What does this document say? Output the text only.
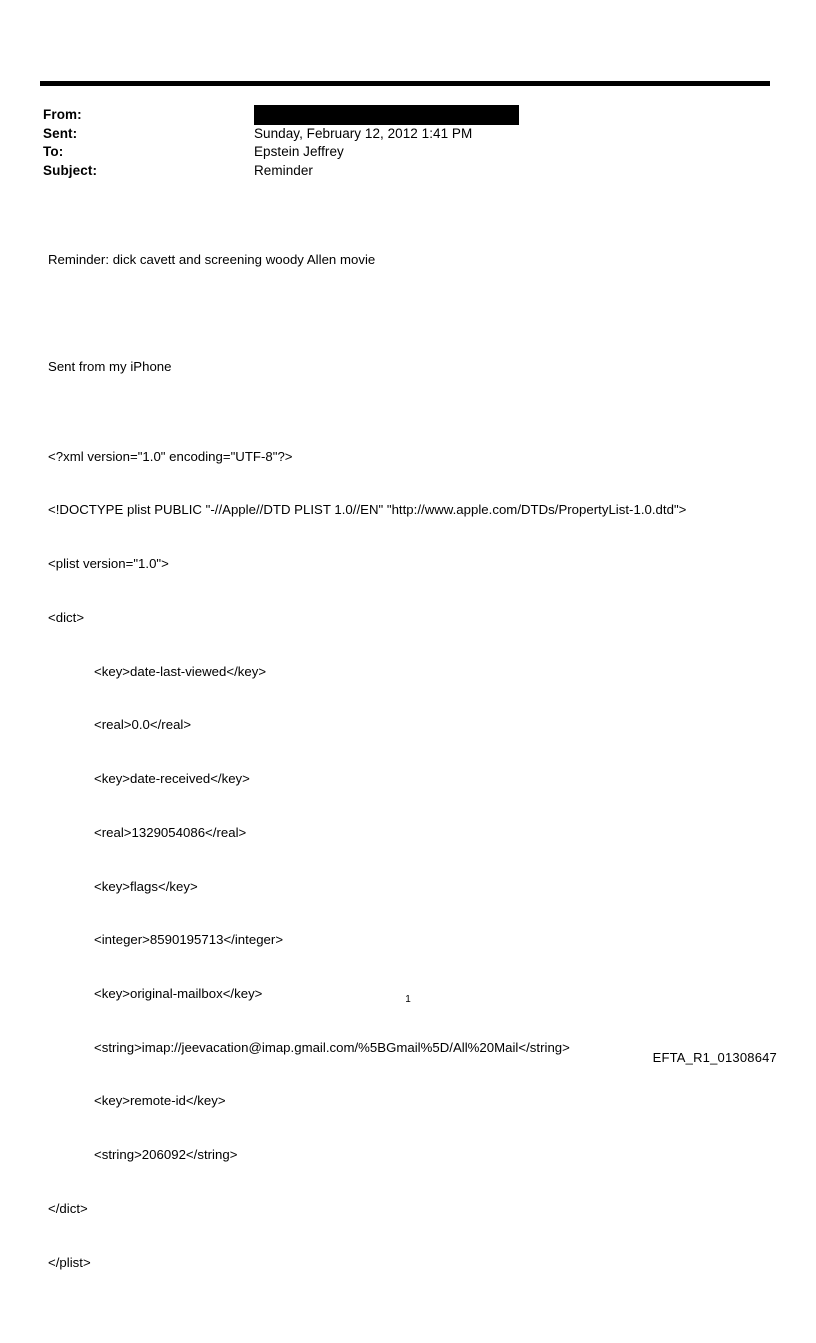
From:
Sent:	Sunday, February 12, 2012 1:41 PM
To:	Epstein Jeffrey
Subject:	Reminder

Reminder: dick cavett and screening woody Allen movie

Sent from my iPhone

<?xml version="1.0" encoding="UTF-8"?>

<!DOCTYPE plist PUBLIC "-//Apple//DTD PLIST 1.0//EN" "http://www.apple.com/DTDs/PropertyList-1.0.dtd">

<plist version="1.0">

<dict>

<key>date-last-viewed</key>

<real>0.0</real>

<key>date-received</key>

<real>1329054086</real>

<key>flags</key>

<integer>8590195713</integer>

<key>original-mailbox</key>

<string>imap://jeevacation@imap.gmail.com/%5BGmail%5D/All%20Mail</string>

<key>remote-id</key>

<string>206092</string>

</dict>

</plist>

1
EFTA_R1_01308647
